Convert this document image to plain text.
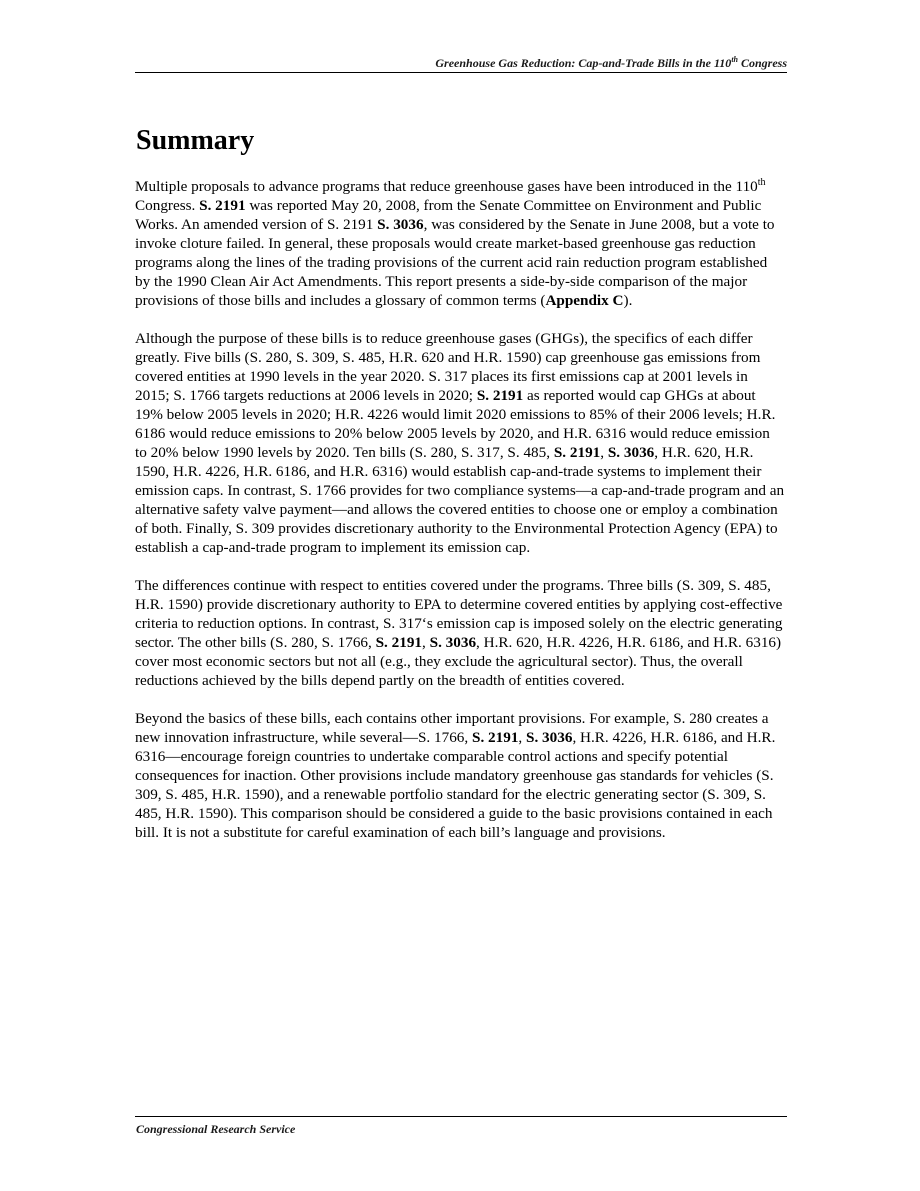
Greenhouse Gas Reduction: Cap-and-Trade Bills in the 110th Congress
Summary

Multiple proposals to advance programs that reduce greenhouse gases have been introduced in the 110th Congress. S. 2191 was reported May 20, 2008, from the Senate Committee on Environment and Public Works. An amended version of S. 2191 S. 3036, was considered by the Senate in June 2008, but a vote to invoke cloture failed. In general, these proposals would create market-based greenhouse gas reduction programs along the lines of the trading provisions of the current acid rain reduction program established by the 1990 Clean Air Act Amendments. This report presents a side-by-side comparison of the major provisions of those bills and includes a glossary of common terms (Appendix C).

Although the purpose of these bills is to reduce greenhouse gases (GHGs), the specifics of each differ greatly. Five bills (S. 280, S. 309, S. 485, H.R. 620 and H.R. 1590) cap greenhouse gas emissions from covered entities at 1990 levels in the year 2020. S. 317 places its first emissions cap at 2001 levels in 2015; S. 1766 targets reductions at 2006 levels in 2020; S. 2191 as reported would cap GHGs at about 19% below 2005 levels in 2020; H.R. 4226 would limit 2020 emissions to 85% of their 2006 levels; H.R. 6186 would reduce emissions to 20% below 2005 levels by 2020, and H.R. 6316 would reduce emission to 20% below 1990 levels by 2020. Ten bills (S. 280, S. 317, S. 485, S. 2191, S. 3036, H.R. 620, H.R. 1590, H.R. 4226, H.R. 6186, and H.R. 6316) would establish cap-and-trade systems to implement their emission caps. In contrast, S. 1766 provides for two compliance systems—a cap-and-trade program and an alternative safety valve payment—and allows the covered entities to choose one or employ a combination of both. Finally, S. 309 provides discretionary authority to the Environmental Protection Agency (EPA) to establish a cap-and-trade program to implement its emission cap.

The differences continue with respect to entities covered under the programs. Three bills (S. 309, S. 485, H.R. 1590) provide discretionary authority to EPA to determine covered entities by applying cost-effective criteria to reduction options. In contrast, S. 317‘s emission cap is imposed solely on the electric generating sector. The other bills (S. 280, S. 1766, S. 2191, S. 3036, H.R. 620, H.R. 4226, H.R. 6186, and H.R. 6316) cover most economic sectors but not all (e.g., they exclude the agricultural sector). Thus, the overall reductions achieved by the bills depend partly on the breadth of entities covered.

Beyond the basics of these bills, each contains other important provisions. For example, S. 280 creates a new innovation infrastructure, while several—S. 1766, S. 2191, S. 3036, H.R. 4226, H.R. 6186, and H.R. 6316—encourage foreign countries to undertake comparable control actions and specify potential consequences for inaction. Other provisions include mandatory greenhouse gas standards for vehicles (S. 309, S. 485, H.R. 1590), and a renewable portfolio standard for the electric generating sector (S. 309, S. 485, H.R. 1590). This comparison should be considered a guide to the basic provisions contained in each bill. It is not a substitute for careful examination of each bill’s language and provisions.

Congressional Research Service
